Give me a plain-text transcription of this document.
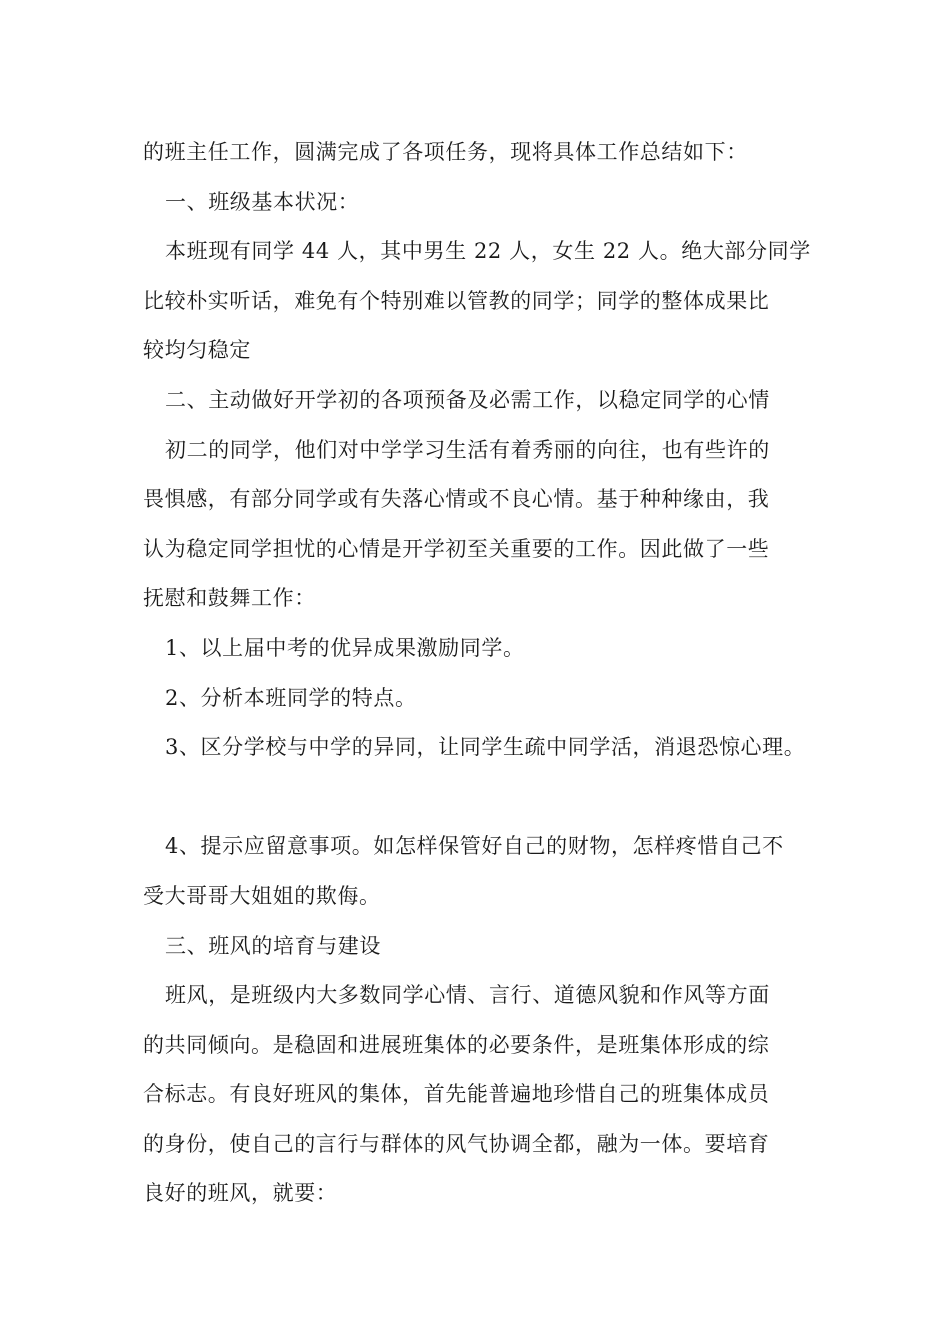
的班主任工作，圆满完成了各项任务，现将具体工作总结如下：
一、班级基本状况：
本班现有同学 44 人，其中男生 22 人，女生 22 人。绝大部分同学
比较朴实听话，难免有个特别难以管教的同学；同学的整体成果比
较均匀稳定
二、主动做好开学初的各项预备及必需工作，以稳定同学的心情
初二的同学，他们对中学学习生活有着秀丽的向往，也有些许的
畏惧感，有部分同学或有失落心情或不良心情。基于种种缘由，我
认为稳定同学担忧的心情是开学初至关重要的工作。因此做了一些
抚慰和鼓舞工作：
1、以上届中考的优异成果激励同学。
2、分析本班同学的特点。
3、区分学校与中学的异同，让同学生疏中同学活，消退恐惊心理。
4、提示应留意事项。如怎样保管好自己的财物，怎样疼惜自己不
受大哥哥大姐姐的欺侮。
三、班风的培育与建设
班风，是班级内大多数同学心情、言行、道德风貌和作风等方面
的共同倾向。是稳固和进展班集体的必要条件，是班集体形成的综
合标志。有良好班风的集体，首先能普遍地珍惜自己的班集体成员
的身份，使自己的言行与群体的风气协调全都，融为一体。要培育
良好的班风，就要：
